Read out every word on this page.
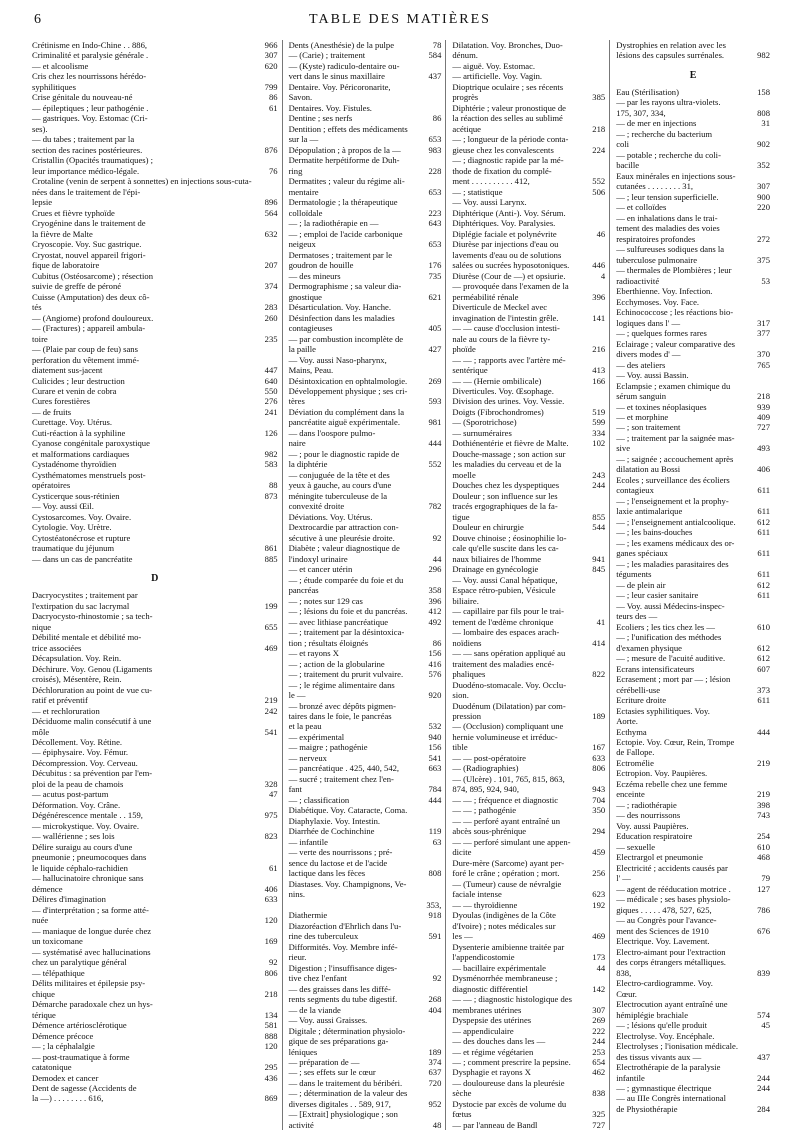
6	TABLE DES MATIÈRES
Crétinisme en Indo-Chine . . 886,	966
Criminalité et paralysie générale .	307
— et alcoolisme	620
Cris chez les nourrissons hérédo-
syphilitiques	799
Crise génitale du nouveau-né	86
— épileptiques ; leur pathogénie .	61
— gastriques. Voy. Estomac (Cri-
ses).
— du tabes ; traitement par la
section des racines postérieures.	876
Cristallin (Opacités traumatiques) ;
leur importance médico-légale.	76
Crotaline (venin de serpent à sonnettes) en injections sous-cuta-
nées dans le traitement de l'épi-
lepsie	896
Crues et fièvre typhoïde	564
Cryogénine dans le traitement de
la fièvre de Malte	632
Cryoscopie. Voy. Suc gastrique.
Cryostat, nouvel appareil frigori-
fique de laboratoire	207
Cubitus (Ostéosarcome) ; résection
suivie de greffe de péroné	374
Cuisse (Amputation) des deux cô-
tés	283
— (Angiome) profond douloureux.	260
— (Fractures) ; appareil ambula-
toire	235
— (Plaie par coup de feu) sans
perforation du vêtement immé-
diatement sus-jacent	447
Culicides ; leur destruction	640
Curare et venin de cobra	550
Cures forestières	276
— de fruits	241
Curettage. Voy. Utérus.
Cuti-réaction à la syphiline	126
Cyanose congénitale paroxystique
et malformations cardiaques	982
Cystadénome thyroïdien	583
Cysthématomes menstruels post-
opératoires	88
Cysticerque sous-rétinien	873
— Voy. aussi Œil.
Cystosarcomes. Voy. Ovaire.
Cytologie. Voy. Urètre.
Cytostéatonécrose et rupture
traumatique du jéjunum	861
— dans un cas de pancréatite	885
D
Dacryocystites ; traitement par
l'extirpation du sac lacrymal	199
Dacryocysto-rhinostomie ; sa tech-
nique	655
Débilité mentale et débilité mo-
trice associées	469
Décapsulation. Voy. Rein.
Déchirure. Voy. Genou (Ligaments
croisés), Mésentère, Rein.
Déchloruration au point de vue cu-
ratif et préventif	219
— et rechloruration	242
Déciduome malin consécutif à une
môle	541
Décollement. Voy. Rétine.
— épiphysaire. Voy. Fémur.
Décompression. Voy. Cerveau.
Décubitus : sa prévention par l'em-
ploi de la peau de chamois	328
— acutus post-partum	47
Déformation. Voy. Crâne.
Dégénérescence mentale . . 159,	975
— microkystique. Voy. Ovaire.
— wallérienne ; ses lois	823
Délire suraigu au cours d'une
pneumonie ; pneumocoques dans
le liquide céphalo-rachidien	61
— hallucinatoire chronique sans
démence	406
Délires d'imagination	633
— d'interprétation ; sa forme atté-
nuée	120
— maniaque de longue durée chez
un toxicomane	169
— systématisé avec hallucinations
chez un paralytique général	92
— télépathique	806
Délits militaires et épilepsie psy-
chique	218
Démarche paradoxale chez un hys-
térique	134
Démence artériosclérotique	581
Démence précoce	888
— ; la céphalalgie	120
— post-traumatique à forme
catatonique	295
Demodex et cancer	436
Dent de sagesse (Accidents de
la —) . . . . . . . . 616,	869
Dents (Anesthésie) de la pulpe	78
— (Carie) ; traitement	584
— (Kyste) radiculo-dentaire ou-
vert dans le sinus maxillaire	437
Dentaire. Voy. Péricoronarite,
Savon.
Dentaires. Voy. Fistules.
Dentine ; ses nerfs	86
Dentition ; effets des médicaments
sur la —	653
Dépopulation ; à propos de la —	983
Dermatite herpétiforme de Duh-
ring	228
Dermatites ; valeur du régime ali-
mentaire	653
Dermatologie ; la thérapeutique
colloïdale	223
— ; la radiothérapie en —	643
— ; emploi de l'acide carbonique
neigeux	653
Dermatoses ; traitement par le
goudron de houille	176
— des mineurs	735
Dermographisme ; sa valeur dia-
gnostique	621
Désarticulation. Voy. Hanche.
Désinfection dans les maladies
contagieuses	405
— par combustion incomplète de
la paille	427
— Voy. aussi Naso-pharynx,
Mains, Peau.
Désintoxication en ophtalmologie.	269
Développement physique ; ses cri-
tères	593
Déviation du complément dans la
pancréatite aiguë expérimentale.	981
— dans l'oospore pulmo-
naire	444
— ; pour le diagnostic rapide de
la diphtérie	552
— conjuguée de la tête et des
yeux à gauche, au cours d'une
méningite tuberculeuse de la
convexité droite	782
Déviations. Voy. Utérus.
Dextrocardie par attraction con-
sécutive à une pleurésie droite.	92
Diabète ; valeur diagnostique de
l'indoxyl urinaire	44
— et cancer utérin	296
— ; étude comparée du foie et du
pancréas	358
— ; notes sur 129 cas	396
— ; lésions du foie et du pancréas.	412
— avec lithiase pancréatique	492
— ; traitement par la désintoxica-
tion ; résultats éloignés	86
— et rayons X	156
— ; action de la globularine	416
— ; traitement du prurit vulvaire.	576
— ; le régime alimentaire dans
le —	920
— bronzé avec dépôts pigmen-
taires dans le foie, le pancréas
et la peau	532
— expérimental	940
— maigre ; pathogénie	156
— nerveux	541
— pancréatique . 425, 440, 542,	663
— sucré ; traitement chez l'en-
fant	784
— ; classification	444
Diabétique. Voy. Cataracte, Coma.
Diaphylaxie. Voy. Intestin.
Diarrhée de Cochinchine	119
— infantile	63
— verte des nourrissons ; pré-
sence du lactose et de l'acide
lactique dans les fèces	808
Diastases. Voy. Champignons, Ve-
nins.
Diathermie
353, 918
Diazoréaction d'Ehrlich dans l'u-
rine des tuberculeux	591
Difformités. Voy. Membre infé-
rieur.
Digestion ; l'insuffisance diges-
tive chez l'enfant	92
— des graisses dans les diffé-
rents segments du tube digestif.	268
— de la viande	404
— Voy. aussi Graisses.
Digitale ; détermination physiolo-
gique de ses préparations ga-
léniques	189
— préparation de —	374
— ; ses effets sur le cœur	637
— dans le traitement du béribéri.	720
— ; détermination de la valeur des
diverses digitales . . 589, 917,	952
— [Extrait] physiologique ; son
activité	48
Dilatation. Voy. Bronches, Duo-
dénum.
— aiguë. Voy. Estomac.
— artificielle. Voy. Vagin.
Dioptrique oculaire ; ses récents
progrès	385
Diphtérie ; valeur pronostique de
la réaction des selles au sublimé
acétique	218
— ; longueur de la période conta-
gieuse chez les convalescents	224
— ; diagnostic rapide par la mé-
thode de fixation du complé-
ment . . . . . . . . . . 412,	552
— ; statistique	506
— Voy. aussi Larynx.
Diphtérique (Anti-). Voy. Sérum.
Diphtériques. Voy. Paralysies.
Diplégie faciale et polynévrite	46
Diurèse par injections d'eau ou
lavements d'eau ou de solutions
salées ou sucrées hyposotoniques.	446
Diurèse (Cour de —) et opsiurie.	4
— provoquée dans l'examen de la
perméabilité rénale	396
Diverticule de Meckel avec
invagination de l'intestin grêle.	141
— — cause d'occlusion intesti-
nale au cours de la fièvre ty-
phoïde	216
— — ; rapports avec l'artère mé-
sentérique	413
— — (Hernie ombilicale)	166
Diverticules. Voy. Œsophage.
Division des urines. Voy. Vessie.
Doigts (Fibrochondromes)	519
— (Sporotrichose)	599
— surnuméraires	334
Dothiénentérie et fièvre de Malte.	102
Douche-massage ; son action sur
les maladies du cerveau et de la
moelle	243
Douches chez les dyspeptiques	244
Douleur ; son influence sur les
tracés ergographiques de la fa-
tigue	855
Douleur en chirurgie	544
Douve chinoise ; éosinophilie lo-
cale qu'elle suscite dans les ca-
naux biliaires de l'homme	941
Drainage en gynécologie	845
— Voy. aussi Canal hépatique,
Espace rétro-pubien, Vésicule
biliaire.
— capillaire par fils pour le trai-
tement de l'œdème chronique	41
— lombaire des espaces arach-
noïdiens	414
— — sans opération appliqué au
traitement des maladies encé-
phaliques	822
Duodéno-stomacale. Voy. Occlu-
sion.
Duodénum (Dilatation) par com-
pression	189
— (Occlusion) compliquant une
hernie volumineuse et irréduc-
tible	167
— — post-opératoire	633
— (Radiographies)	806
— (Ulcère) . 101, 765, 815, 863,
874, 895, 924, 940,	943
— — ; fréquence et diagnostic	704
— — ; pathogénie	350
— — perforé ayant entraîné un
abcès sous-phrénique	294
— — perforé simulant une appen-
dicite	459
Dure-mère (Sarcome) ayant per-
foré le crâne ; opération ; mort.	256
— (Tumeur) cause de névralgie
faciale intense	623
— — thyroïdienne	192
Dyoulas (indigènes de la Côte
d'Ivoire) ; notes médicales sur
les —	469
Dysenterie amibienne traitée par
l'appendicostomie	173
— bacillaire expérimentale	44
Dysménorrhée membraneuse ;
diagnostic différentiel	142
— — ; diagnostic histologique des
membranes utérines	307
Dyspepsie des utérines	269
— appendiculaire	222
— des douches dans les —	244
— et régime végétarien	253
— ; comment prescrire la pepsine.	654
Dysphagie et rayons X	462
— douloureuse dans la pleurésie
sèche	838
Dystocie par excès de volume du
fœtus	325
— par l'anneau de Bandl	727
Dystrophies en relation avec les
lésions des capsules surrénales.	982
E
Eau (Stérilisation)	158
— par les rayons ultra-violets.
175, 307, 334,	808
— de mer en injections	31
— ; recherche du bacterium
coli	902
— potable ; recherche du coli-
bacille	352
Eaux minérales en injections sous-
cutanées . . . . . . . . 31,	307
— ; leur tension superficielle.	900
— et colloïdes	220
— en inhalations dans le trai-
tement des maladies des voies
respiratoires profondes	272
— sulfureuses sodiques dans la
tuberculose pulmonaire	375
— thermales de Plombières ; leur
radioactivité	53
Eberthienne. Voy. Infection.
Ecchymoses. Voy. Face.
Echinococcose ; les réactions bio-
logiques dans l' —	317
— ; quelques formes rares	377
Eclairage ; valeur comparative des
divers modes d' —	370
— des ateliers	765
— Voy. aussi Bassin.
Eclampsie ; examen chimique du
sérum sanguin	218
— et toxines néoplasiques	939
— et morphine	409
— ; son traitement	727
— ; traitement par la saignée mas-
sive	493
— ; saignée ; accouchement après
dilatation au Bossi	406
Ecoles ; surveillance des écoliers
contagieux	611
— ; l'enseignement et la prophy-
laxie antimalarique	611
— ; l'enseignement antialcoolique.	612
— ; les bains-douches	611
— ; les examens médicaux des or-
ganes spéciaux	611
— ; les maladies parasitaires des
téguments	611
— de plein air	612
— ; leur casier sanitaire	611
— Voy. aussi Médecins-inspec-
teurs des —
Ecoliers ; les tics chez les —	610
— ; l'unification des méthodes
d'examen physique	612
— ; mesure de l'acuité auditive.	612
Ecrans intensificateurs	607
Ecrasement ; mort par — ; lésion
cérébelli-use	373
Ecriture droite	611
Ectasies syphilitiques. Voy.
Aorte.
Ecthyma	444
Ectopie. Voy. Cœur, Rein, Trompe
de Fallope.
Ectromélie	219
Ectropion. Voy. Paupières.
Eczéma rebelle chez une femme
enceinte	219
— ; radiothérapie	398
— des nourrissons	743
Voy. aussi Paupières.
Education respiratoire	254
— sexuelle	610
Electrargol et pneumonie	468
Electricité ; accidents causés par
l' —	79
— agent de rééducation motrice .	127
— médicale ; ses bases physiolo-
giques . . . . . 478, 527, 625,	786
— au Congrès pour l'avance-
ment des Sciences de 1910	676
Electrique. Voy. Lavement.
Electro-aimant pour l'extraction
des corps étrangers métalliques.
838,	839
Electro-cardiogramme. Voy.
Cœur.
Electrocution ayant entraîné une
hémiplégie brachiale	574
— ; lésions qu'elle produit	45
Electrolyse. Voy. Encéphale.
Electrolyses ; l'ionisation médicale.
des tissus vivants aux —	437
Electrothérapie de la paralysie
infantile	244
— ; gymnastique électrique	244
— au IIIe Congrès international
de Physiothérapie	284
